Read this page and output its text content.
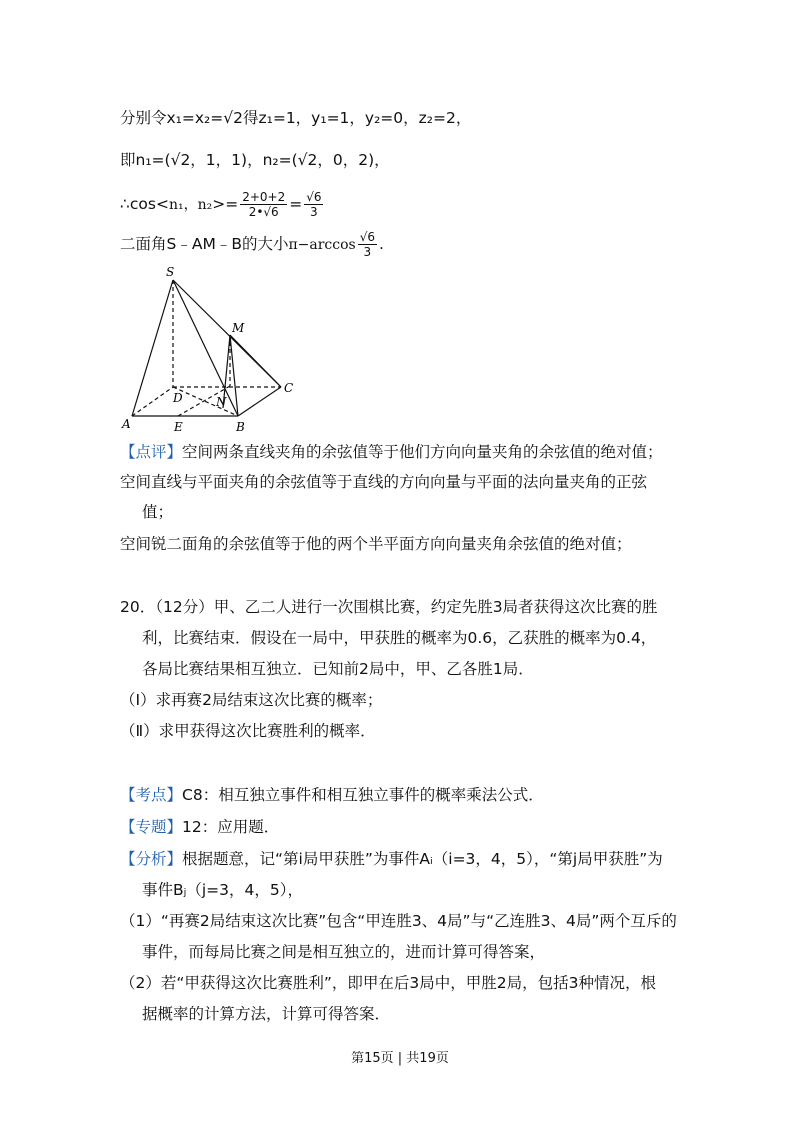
分别令x₁=x₂=√2得z₁=1，y₁=1，y₂=0，z₂=2，
即n₁=(√2，1，1)，n₂=(√2，0，2)，
∴cos<n₁，$n_2>= \frac{2+0+2}{2•√6} = \frac{√6}{3}$
二面角S﹣AM﹣B的大小$\pi-\arccos \frac{√6}{3}$ .
S
M
C
D	N
A	E	B
【点评】空间两条直线夹角的余弦值等于他们方向向量夹角的余弦值的绝对值；
空间直线与平面夹角的余弦值等于直线的方向向量与平面的法向量夹角的正弦
值；
空间锐二面角的余弦值等于他的两个半平面方向向量夹角余弦值的绝对值；
20．（12分）甲、乙二人进行一次围棋比赛，约定先胜3局者获得这次比赛的胜
利，比赛结束．假设在一局中，甲获胜的概率为0.6，乙获胜的概率为0.4，
各局比赛结果相互独立．已知前2局中，甲、乙各胜1局．
（Ⅰ）求再赛2局结束这次比赛的概率；
（Ⅱ）求甲获得这次比赛胜利的概率．
【考点】C8：相互独立事件和相互独立事件的概率乘法公式．
【专题】12：应用题．
【分析】根据题意，记“第i局甲获胜”为事件Aᵢ（i=3，4，5），“第j局甲获胜”为
事件Bⱼ（j=3，4，5），
（1）“再赛2局结束这次比赛”包含“甲连胜3、4局”与“乙连胜3、4局”两个互斥的
事件，而每局比赛之间是相互独立的，进而计算可得答案，
（2）若“甲获得这次比赛胜利”，即甲在后3局中，甲胜2局，包括3种情况，根
据概率的计算方法，计算可得答案．
第15页 | 共19页
